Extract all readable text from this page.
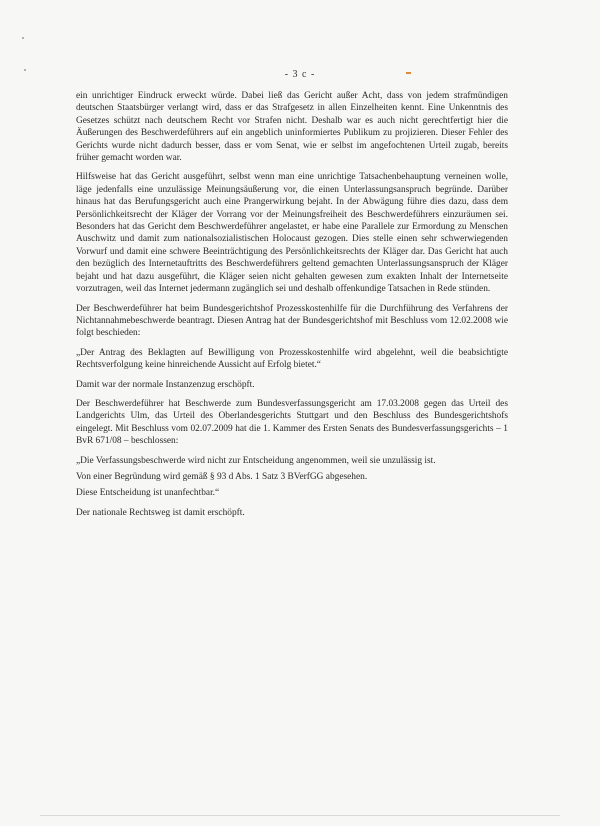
- 3 c -

ein unrichtiger Eindruck erweckt würde. Dabei ließ das Gericht außer Acht, dass von jedem strafmündigen deutschen Staatsbürger verlangt wird, dass er das Strafgesetz in allen Einzelheiten kennt. Eine Unkenntnis des Gesetzes schützt nach deutschem Recht vor Strafen nicht. Deshalb war es auch nicht gerechtfertigt hier die Äußerungen des Beschwerdeführers auf ein angeblich uninformiertes Publikum zu projizieren. Dieser Fehler des Gerichts wurde nicht dadurch besser, dass er vom Senat, wie er selbst im angefochtenen Urteil zugab, bereits früher gemacht worden war.

Hilfsweise hat das Gericht ausgeführt, selbst wenn man eine unrichtige Tatsachenbehauptung verneinen wolle, läge jedenfalls eine unzulässige Meinungsäußerung vor, die einen Unterlassungsanspruch begründe. Darüber hinaus hat das Berufungsgericht auch eine Prangerwirkung bejaht. In der Abwägung führe dies dazu, dass dem Persönlichkeitsrecht der Kläger der Vorrang vor der Meinungsfreiheit des Beschwerdeführers einzuräumen sei. Besonders hat das Gericht dem Beschwerdeführer angelastet, er habe eine Parallele zur Ermordung zu Menschen Auschwitz und damit zum nationalsozialistischen Holocaust gezogen. Dies stelle einen sehr schwerwiegenden Vorwurf und damit eine schwere Beeinträchtigung des Persönlichkeitsrechts der Kläger dar. Das Gericht hat auch den bezüglich des Internetauftritts des Beschwerdeführers geltend gemachten Unterlassungsanspruch der Kläger bejaht und hat dazu ausgeführt, die Kläger seien nicht gehalten gewesen zum exakten Inhalt der Internetseite vorzutragen, weil das Internet jedermann zugänglich sei und deshalb offenkundige Tatsachen in Rede stünden.

Der Beschwerdeführer hat beim Bundesgerichtshof Prozesskostenhilfe für die Durchführung des Verfahrens der Nichtannahmebeschwerde beantragt. Diesen Antrag hat der Bundesgerichtshof mit Beschluss vom 12.02.2008 wie folgt beschieden:

„Der Antrag des Beklagten auf Bewilligung von Prozesskostenhilfe wird abgelehnt, weil die beabsichtigte Rechtsverfolgung keine hinreichende Aussicht auf Erfolg bietet.“

Damit war der normale Instanzenzug erschöpft.

Der Beschwerdeführer hat Beschwerde zum Bundesverfassungsgericht am 17.03.2008 gegen das Urteil des Landgerichts Ulm, das Urteil des Oberlandesgerichts Stuttgart und den Beschluss des Bundesgerichtshofs eingelegt. Mit Beschluss vom 02.07.2009 hat die 1. Kammer des Ersten Senats des Bundesverfassungsgerichts – 1 BvR 671/08 – beschlossen:

„Die Verfassungsbeschwerde wird nicht zur Entscheidung angenommen, weil sie unzulässig ist.

Von einer Begründung wird gemäß § 93 d Abs. 1 Satz 3 BVerfGG abgesehen.

Diese Entscheidung ist unanfechtbar.“

Der nationale Rechtsweg ist damit erschöpft.
